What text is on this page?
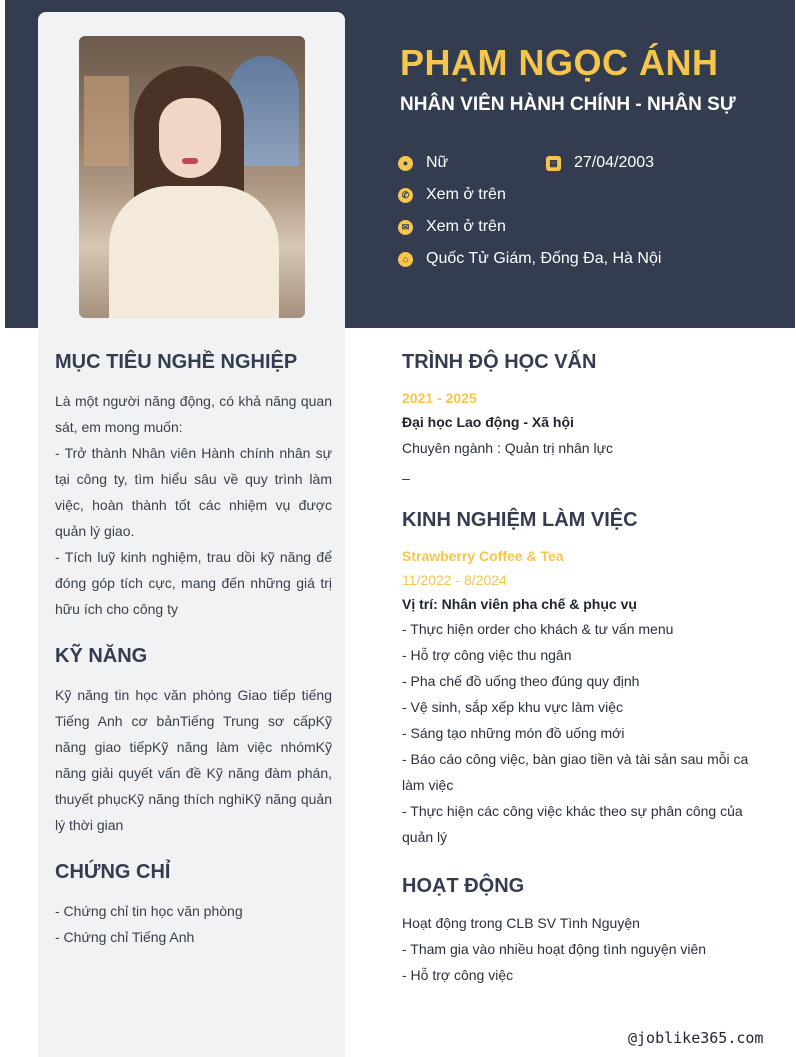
PHẠM NGỌC ÁNH
NHÂN VIÊN HÀNH CHÍNH - NHÂN SỰ
● Nữ	▦ 27/04/2003
✆ Xem ở trên
✉ Xem ở trên
⌂ Quốc Tử Giám, Đống Đa, Hà Nội
MỤC TIÊU NGHỀ NGHIỆP

Là một người năng động, có khả năng quan sát, em mong muốn:

- Trở thành Nhân viên Hành chính nhân sự tại công ty, tìm hiểu sâu về quy trình làm việc, hoàn thành tốt các nhiệm vụ được quản lý giao.

- Tích luỹ kinh nghiệm, trau dồi kỹ năng để đóng góp tích cực, mang đến những giá trị hữu ích cho công ty

KỸ NĂNG

Kỹ năng tin học văn phòng Giao tiếp tiếng Tiếng Anh cơ bảnTiếng Trung sơ cấpKỹ năng giao tiếpKỹ năng làm việc nhómKỹ năng giải quyết vấn đề Kỹ năng đàm phán, thuyết phụcKỹ năng thích nghiKỹ năng quản lý thời gian

CHỨNG CHỈ

- Chứng chỉ tin học văn phòng

- Chứng chỉ Tiếng Anh

TRÌNH ĐỘ HỌC VẤN

2021 - 2025

Đại học Lao động - Xã hội

Chuyên ngành : Quản trị nhân lực

–

KINH NGHIỆM LÀM VIỆC

Strawberry Coffee & Tea

11/2022 - 8/2024

Vị trí: Nhân viên pha chế & phục vụ

- Thực hiện order cho khách & tư vấn menu

- Hỗ trợ công việc thu ngân

- Pha chế đồ uống theo đúng quy định

- Vệ sinh, sắp xếp khu vực làm việc

- Sáng tạo những món đồ uống mới

- Báo cáo công việc, bàn giao tiền và tài sản sau mỗi ca làm việc

- Thực hiện các công việc khác theo sự phân công của quản lý

HOẠT ĐỘNG

Hoạt động trong CLB SV Tình Nguyện

- Tham gia vào nhiều hoạt động tình nguyện viên

- Hỗ trợ công việc

@joblike365.com
